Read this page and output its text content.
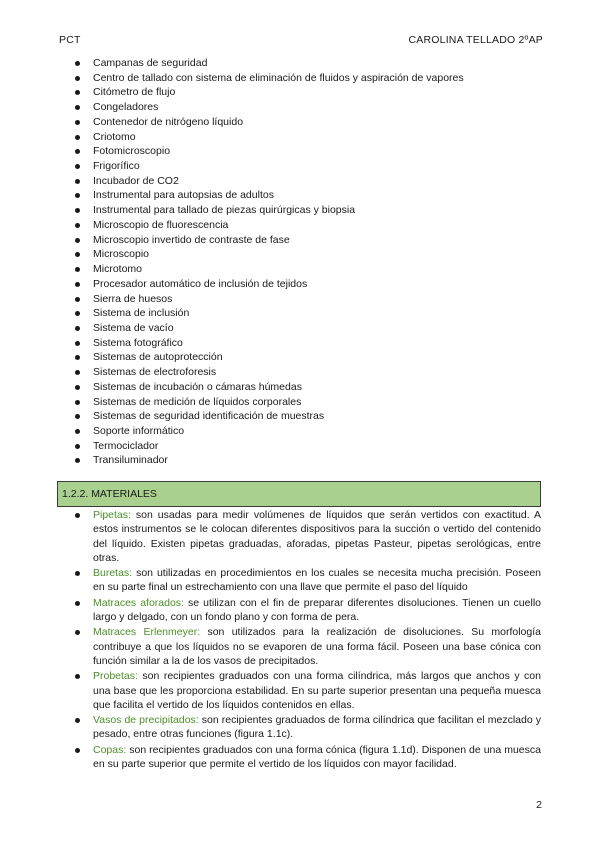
PCT	CAROLINA TELLADO 2ºAP
Campanas de seguridad
Centro de tallado con sistema de eliminación de fluidos y aspiración de vapores
Citómetro de flujo
Congeladores
Contenedor de nitrógeno líquido
Criotomo
Fotomicroscopio
Frigorífico
Incubador de CO2
Instrumental para autopsias de adultos
Instrumental para tallado de piezas quirúrgicas y biopsia
Microscopio de fluorescencia
Microscopio invertido de contraste de fase
Microscopio
Microtomo
Procesador automático de inclusión de tejidos
Sierra de huesos
Sistema de inclusión
Sistema de vacío
Sistema fotográfico
Sistemas de autoprotección
Sistemas de electroforesis
Sistemas de incubación o cámaras húmedas
Sistemas de medición de líquidos corporales
Sistemas de seguridad identificación de muestras
Soporte informático
Termociclador
Transiluminador
1.2.2. MATERIALES
Pipetas: son usadas para medir volúmenes de líquidos que serán vertidos con exactitud. A estos instrumentos se le colocan diferentes dispositivos para la succión o vertido del contenido del líquido. Existen pipetas graduadas, aforadas, pipetas Pasteur, pipetas serológicas, entre otras.
Buretas: son utilizadas en procedimientos en los cuales se necesita mucha precisión. Poseen en su parte final un estrechamiento con una llave que permite el paso del líquido
Matraces aforados: se utilizan con el fin de preparar diferentes disoluciones. Tienen un cuello largo y delgado, con un fondo plano y con forma de pera.
Matraces Erlenmeyer: son utilizados para la realización de disoluciones. Su morfología contribuye a que los líquidos no se evaporen de una forma fácil. Poseen una base cónica con función similar a la de los vasos de precipitados.
Probetas: son recipientes graduados con una forma cilíndrica, más largos que anchos y con una base que les proporciona estabilidad. En su parte superior presentan una pequeña muesca que facilita el vertido de los líquidos contenidos en ellas.
Vasos de precipitados: son recipientes graduados de forma cilíndrica que facilitan el mezclado y pesado, entre otras funciones (figura 1.1c).
Copas: son recipientes graduados con una forma cónica (figura 1.1d). Disponen de una muesca en su parte superior que permite el vertido de los líquidos con mayor facilidad.
2
